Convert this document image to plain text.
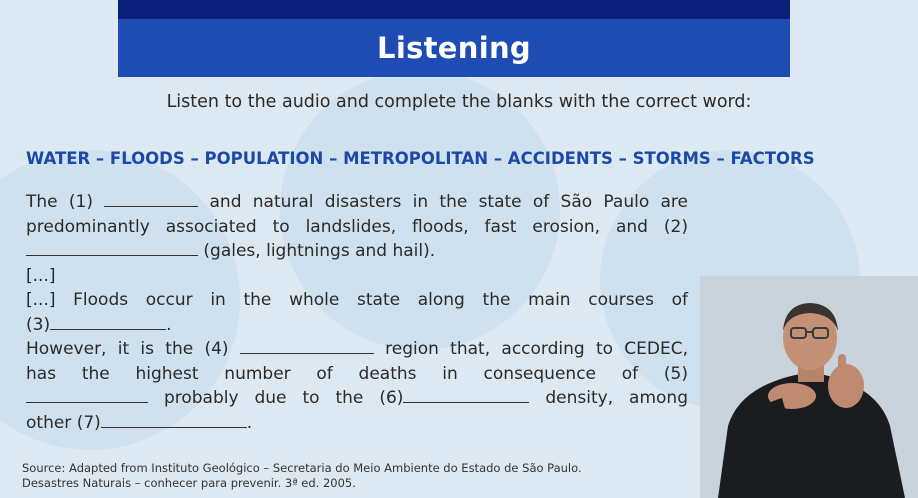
Listening
Listen to the audio and complete the blanks with the correct word:
WATER – FLOODS – POPULATION – METROPOLITAN – ACCIDENTS – STORMS – FACTORS

The (1)	and natural disasters in the state of São Paulo are

predominantly associated to landslides, floods, fast erosion, and (2)

(gales, lightnings and hail).

[...]

[...] Floods occur in the whole state along the main courses of

(3)	.

However, it is the (4)	region that, according to CEDEC,

has the highest number of deaths in consequence of (5)

probably due to the (6)	density, among

other (7)	.

Source: Adapted from Instituto Geológico – Secretaria do Meio Ambiente do Estado de São Paulo.
Desastres Naturais – conhecer para prevenir. 3ª ed. 2005.
